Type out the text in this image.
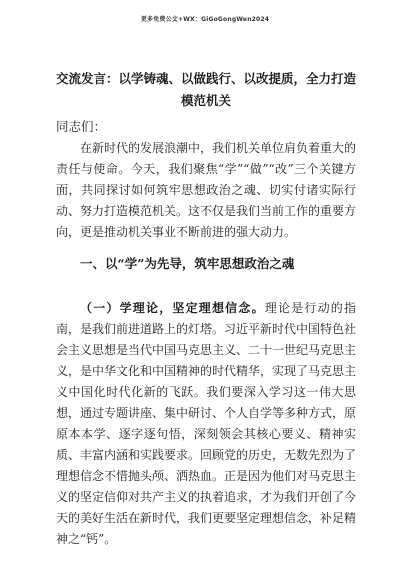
更多免费公文+WX：GiGoGongWen2024
交流发言：以学铸魂、以做践行、以改提质，全力打造模范机关
同志们：

在新时代的发展浪潮中，我们机关单位肩负着重大的责任与使命。今天，我们聚焦“学”“做”“改”三个关键方面，共同探讨如何筑牢思想政治之魂、切实付诸实际行动、努力打造模范机关。这不仅是我们当前工作的重要方向，更是推动机关事业不断前进的强大动力。

一、以“学”为先导，筑牢思想政治之魂

（一）学理论，坚定理想信念。理论是行动的指南，是我们前进道路上的灯塔。习近平新时代中国特色社会主义思想是当代中国马克思主义、二十一世纪马克思主义，是中华文化和中国精神的时代精华，实现了马克思主义中国化时代化新的飞跃。我们要深入学习这一伟大思想，通过专题讲座、集中研讨、个人自学等多种方式，原原本本学、逐字逐句悟，深刻领会其核心要义、精神实质、丰富内涵和实践要求。回顾党的历史，无数先烈为了理想信念不惜抛头颅、洒热血。正是因为他们对马克思主义的坚定信仰对共产主义的执着追求，才为我们开创了今天的美好生活在新时代，我们更要坚定理想信念，补足精神之“钙”。
